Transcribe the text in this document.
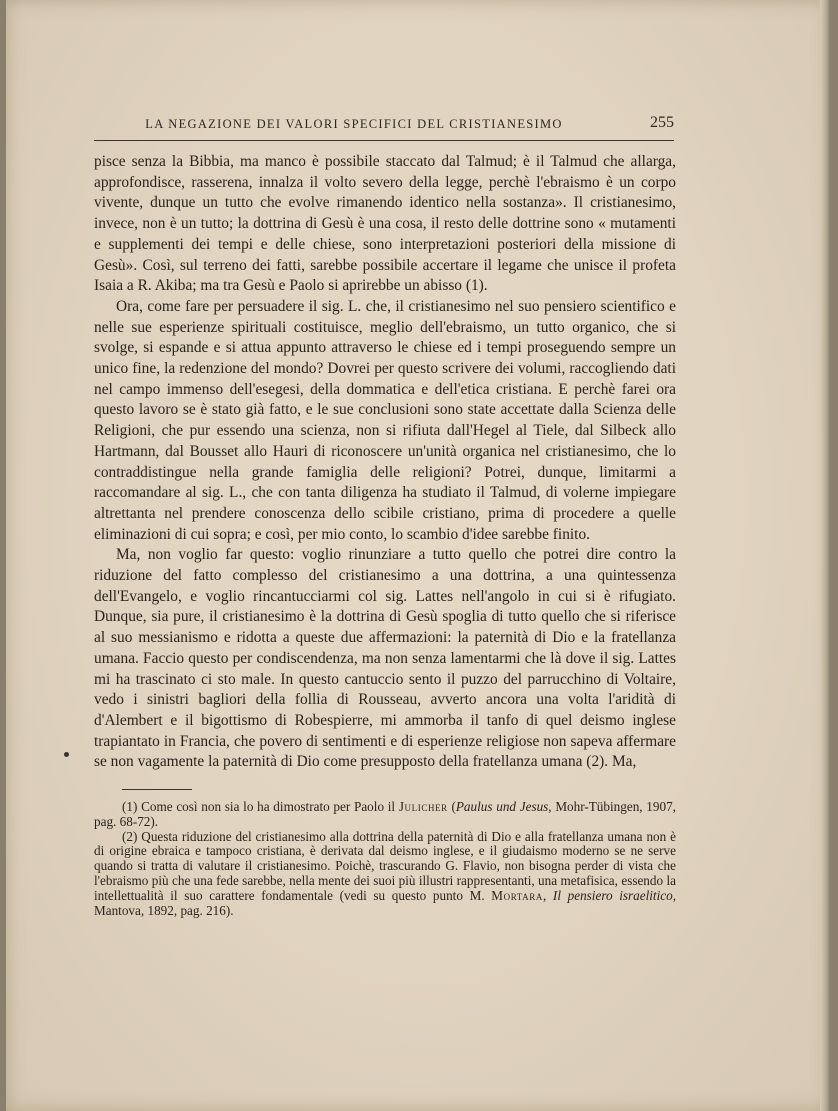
LA NEGAZIONE DEI VALORI SPECIFICI DEL CRISTIANESIMO	255

pisce senza la Bibbia, ma manco è possibile staccato dal Talmud; è il Talmud che allarga, approfondisce, rasserena, innalza il volto severo della legge, perchè l'ebraismo è un corpo vivente, dunque un tutto che evolve rimanendo identico nella sostanza». Il cristianesimo, invece, non è un tutto; la dottrina di Gesù è una cosa, il resto delle dottrine sono « mutamenti e supplementi dei tempi e delle chiese, sono interpretazioni posteriori della missione di Gesù». Così, sul terreno dei fatti, sarebbe possibile accertare il legame che unisce il profeta Isaia a R. Akiba; ma tra Gesù e Paolo si aprirebbe un abisso (1).

Ora, come fare per persuadere il sig. L. che, il cristianesimo nel suo pensiero scientifico e nelle sue esperienze spirituali costituisce, meglio dell'ebraismo, un tutto organico, che si svolge, si espande e si attua appunto attraverso le chiese ed i tempi proseguendo sempre un unico fine, la redenzione del mondo? Dovrei per questo scrivere dei volumi, raccogliendo dati nel campo immenso dell'esegesi, della dommatica e dell'etica cristiana. E perchè farei ora questo lavoro se è stato già fatto, e le sue conclusioni sono state accettate dalla Scienza delle Religioni, che pur essendo una scienza, non si rifiuta dall'Hegel al Tiele, dal Silbeck allo Hartmann, dal Bousset allo Hauri di riconoscere un'unità organica nel cristianesimo, che lo contraddistingue nella grande famiglia delle religioni? Potrei, dunque, limitarmi a raccomandare al sig. L., che con tanta diligenza ha studiato il Talmud, di volerne impiegare altrettanta nel prendere conoscenza dello scibile cristiano, prima di procedere a quelle eliminazioni di cui sopra; e così, per mio conto, lo scambio d'idee sarebbe finito.

Ma, non voglio far questo: voglio rinunziare a tutto quello che potrei dire contro la riduzione del fatto complesso del cristianesimo a una dottrina, a una quintessenza dell'Evangelo, e voglio rincantucciarmi col sig. Lattes nell'angolo in cui si è rifugiato. Dunque, sia pure, il cristianesimo è la dottrina di Gesù spoglia di tutto quello che si riferisce al suo messianismo e ridotta a queste due affermazioni: la paternità di Dio e la fratellanza umana. Faccio questo per condiscendenza, ma non senza lamentarmi che là dove il sig. Lattes mi ha trascinato ci sto male. In questo cantuccio sento il puzzo del parrucchino di Voltaire, vedo i sinistri bagliori della follia di Rousseau, avverto ancora una volta l'aridità di d'Alembert e il bigottismo di Robespierre, mi ammorba il tanfo di quel deismo inglese trapiantato in Francia, che povero di sentimenti e di esperienze religiose non sapeva affermare se non vagamente la paternità di Dio come presupposto della fratellanza umana (2). Ma,

(1) Come così non sia lo ha dimostrato per Paolo il Julicher (Paulus und Jesus, Mohr-Tübingen, 1907, pag. 68-72).

(2) Questa riduzione del cristianesimo alla dottrina della paternità di Dio e alla fratellanza umana non è di origine ebraica e tampoco cristiana, è derivata dal deismo inglese, e il giudaismo moderno se ne serve quando si tratta di valutare il cristianesimo. Poichè, trascurando G. Flavio, non bisogna perder di vista che l'ebraismo più che una fede sarebbe, nella mente dei suoi più illustri rappresentanti, una metafisica, essendo la intellettualità il suo carattere fondamentale (vedi su questo punto M. Mortara, Il pensiero israelitico, Mantova, 1892, pag. 216).
